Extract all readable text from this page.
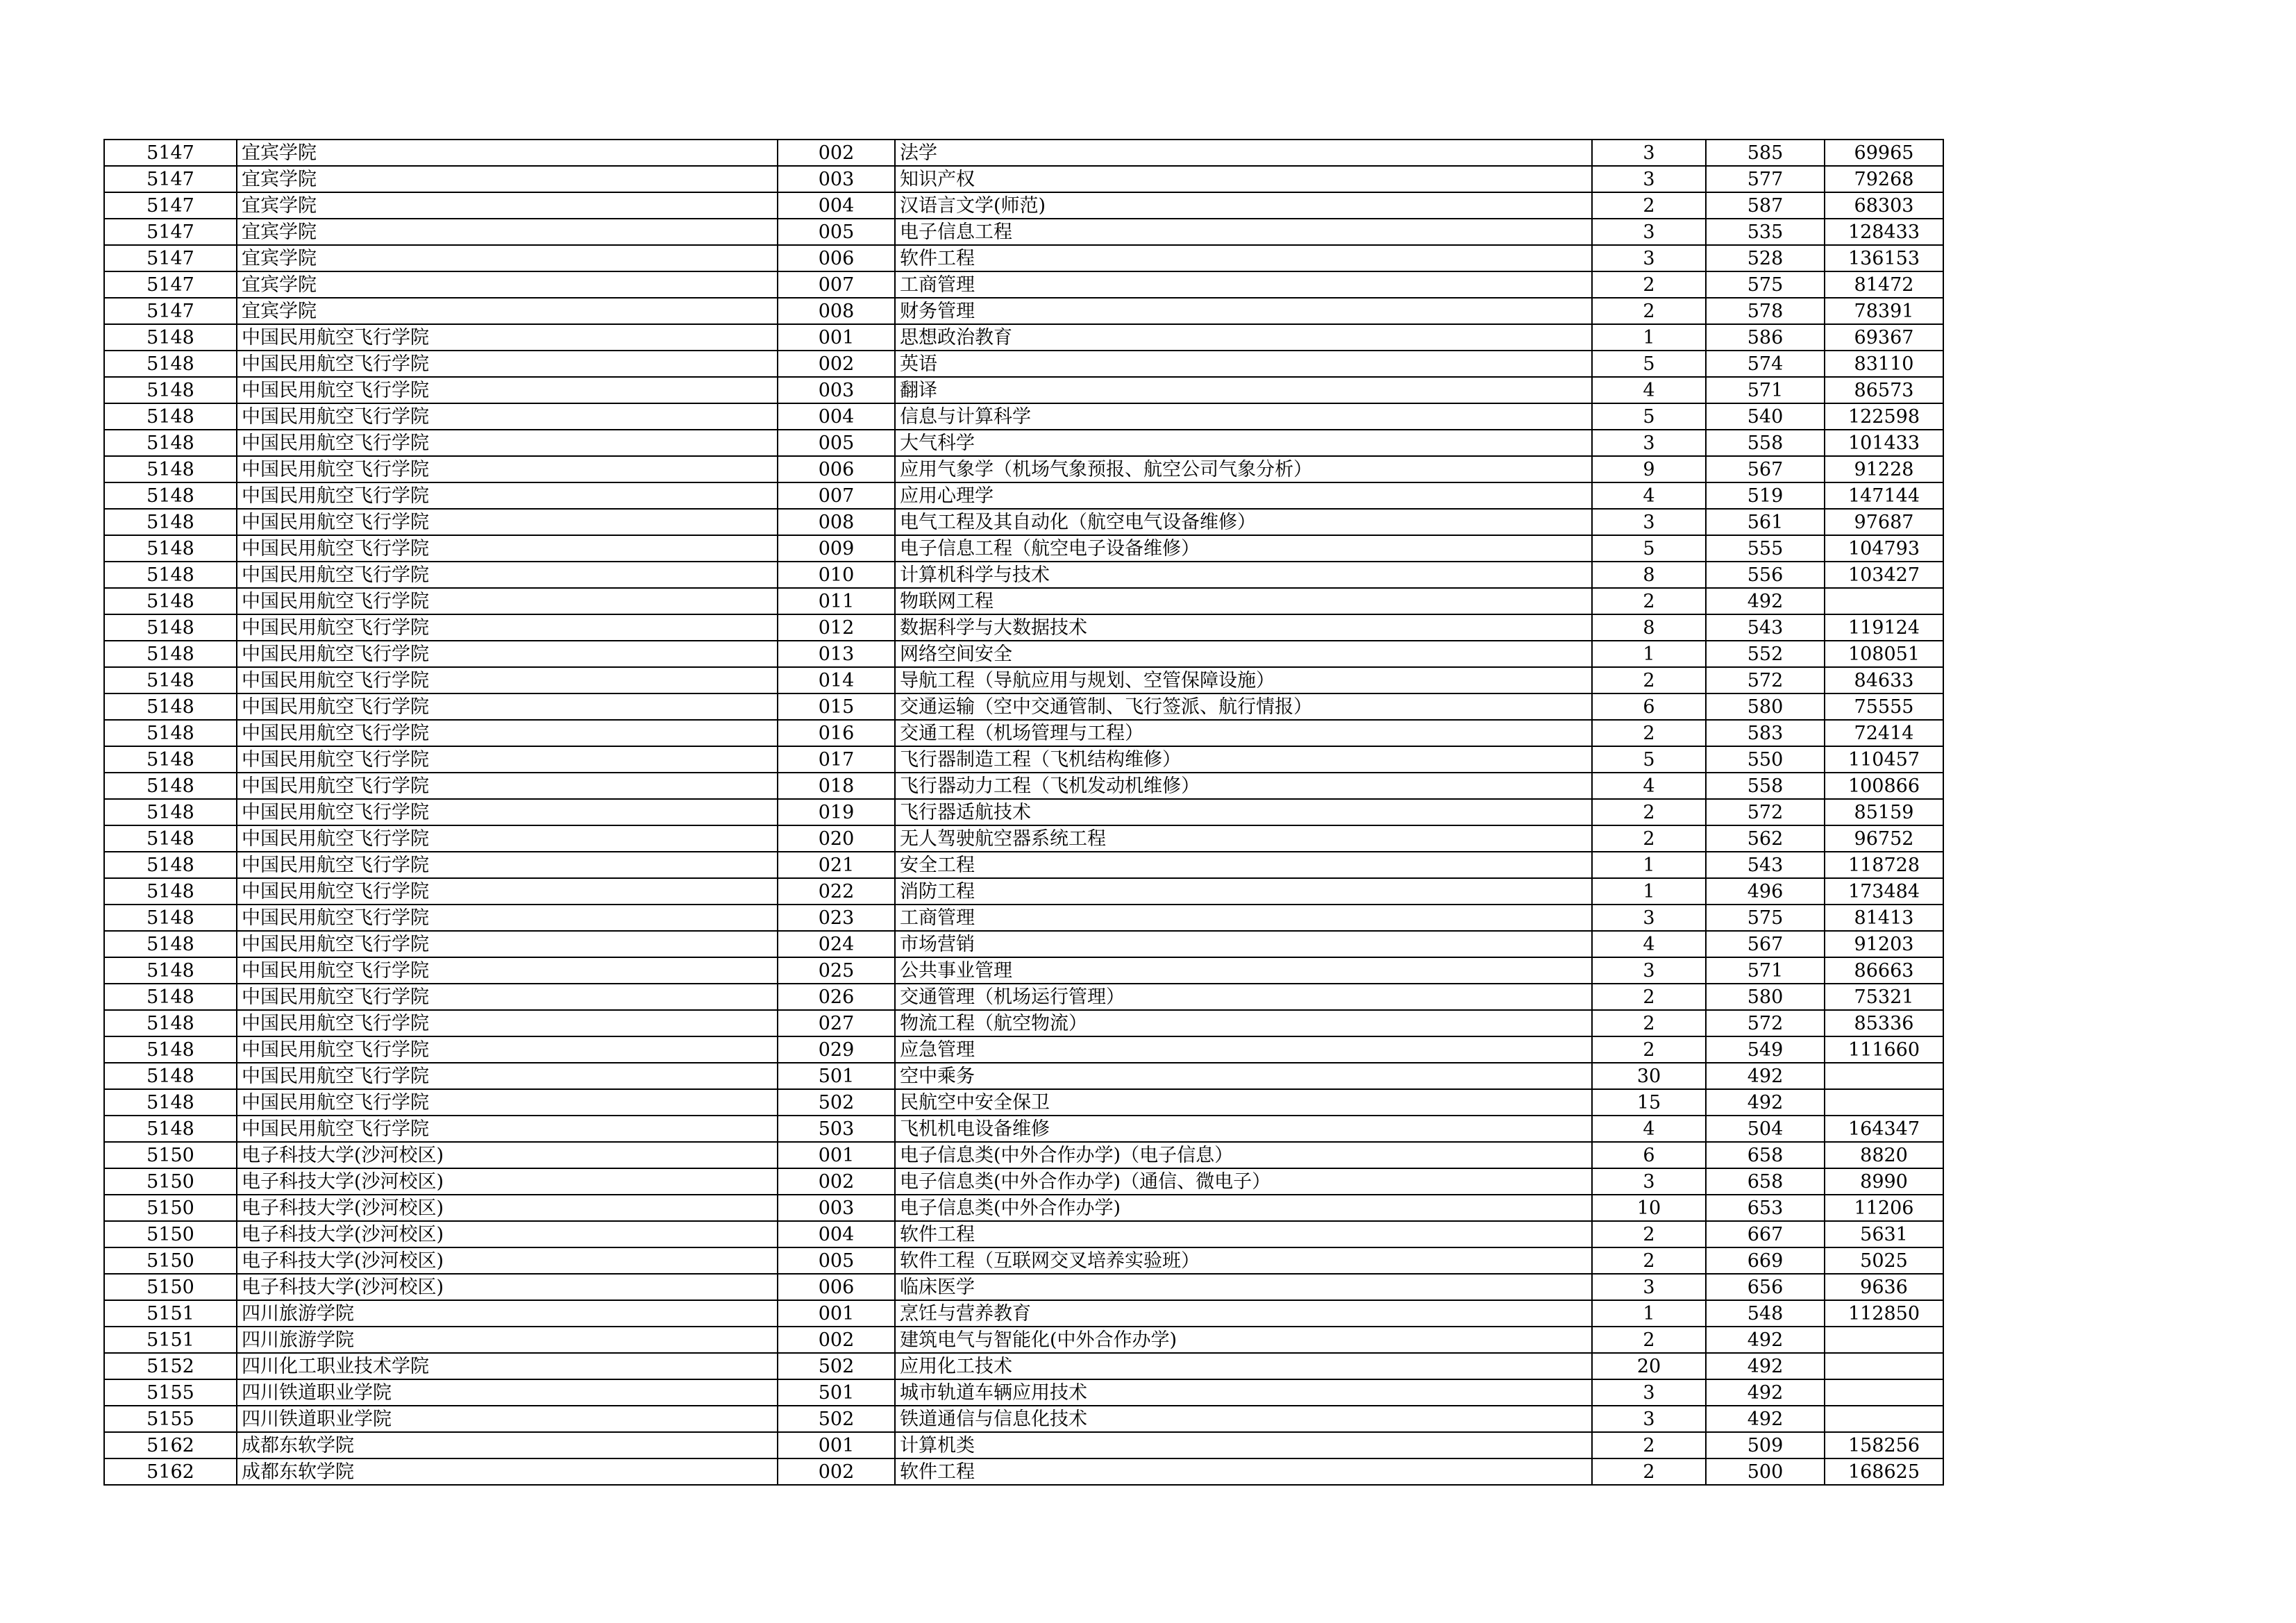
5147	宜宾学院	002	法学	3	585	69965
5147	宜宾学院	003	知识产权	3	577	79268
5147	宜宾学院	004	汉语言文学(师范)	2	587	68303
5147	宜宾学院	005	电子信息工程	3	535	128433
5147	宜宾学院	006	软件工程	3	528	136153
5147	宜宾学院	007	工商管理	2	575	81472
5147	宜宾学院	008	财务管理	2	578	78391
5148	中国民用航空飞行学院	001	思想政治教育	1	586	69367
5148	中国民用航空飞行学院	002	英语	5	574	83110
5148	中国民用航空飞行学院	003	翻译	4	571	86573
5148	中国民用航空飞行学院	004	信息与计算科学	5	540	122598
5148	中国民用航空飞行学院	005	大气科学	3	558	101433
5148	中国民用航空飞行学院	006	应用气象学（机场气象预报、航空公司气象分析）	9	567	91228
5148	中国民用航空飞行学院	007	应用心理学	4	519	147144
5148	中国民用航空飞行学院	008	电气工程及其自动化（航空电气设备维修）	3	561	97687
5148	中国民用航空飞行学院	009	电子信息工程（航空电子设备维修）	5	555	104793
5148	中国民用航空飞行学院	010	计算机科学与技术	8	556	103427
5148	中国民用航空飞行学院	011	物联网工程	2	492	
5148	中国民用航空飞行学院	012	数据科学与大数据技术	8	543	119124
5148	中国民用航空飞行学院	013	网络空间安全	1	552	108051
5148	中国民用航空飞行学院	014	导航工程（导航应用与规划、空管保障设施）	2	572	84633
5148	中国民用航空飞行学院	015	交通运输（空中交通管制、飞行签派、航行情报）	6	580	75555
5148	中国民用航空飞行学院	016	交通工程（机场管理与工程）	2	583	72414
5148	中国民用航空飞行学院	017	飞行器制造工程（飞机结构维修）	5	550	110457
5148	中国民用航空飞行学院	018	飞行器动力工程（飞机发动机维修）	4	558	100866
5148	中国民用航空飞行学院	019	飞行器适航技术	2	572	85159
5148	中国民用航空飞行学院	020	无人驾驶航空器系统工程	2	562	96752
5148	中国民用航空飞行学院	021	安全工程	1	543	118728
5148	中国民用航空飞行学院	022	消防工程	1	496	173484
5148	中国民用航空飞行学院	023	工商管理	3	575	81413
5148	中国民用航空飞行学院	024	市场营销	4	567	91203
5148	中国民用航空飞行学院	025	公共事业管理	3	571	86663
5148	中国民用航空飞行学院	026	交通管理（机场运行管理）	2	580	75321
5148	中国民用航空飞行学院	027	物流工程（航空物流）	2	572	85336
5148	中国民用航空飞行学院	029	应急管理	2	549	111660
5148	中国民用航空飞行学院	501	空中乘务	30	492	
5148	中国民用航空飞行学院	502	民航空中安全保卫	15	492	
5148	中国民用航空飞行学院	503	飞机机电设备维修	4	504	164347
5150	电子科技大学(沙河校区)	001	电子信息类(中外合作办学)（电子信息）	6	658	8820
5150	电子科技大学(沙河校区)	002	电子信息类(中外合作办学)（通信、微电子）	3	658	8990
5150	电子科技大学(沙河校区)	003	电子信息类(中外合作办学)	10	653	11206
5150	电子科技大学(沙河校区)	004	软件工程	2	667	5631
5150	电子科技大学(沙河校区)	005	软件工程（互联网交叉培养实验班）	2	669	5025
5150	电子科技大学(沙河校区)	006	临床医学	3	656	9636
5151	四川旅游学院	001	烹饪与营养教育	1	548	112850
5151	四川旅游学院	002	建筑电气与智能化(中外合作办学)	2	492	
5152	四川化工职业技术学院	502	应用化工技术	20	492	
5155	四川铁道职业学院	501	城市轨道车辆应用技术	3	492	
5155	四川铁道职业学院	502	铁道通信与信息化技术	3	492	
5162	成都东软学院	001	计算机类	2	509	158256
5162	成都东软学院	002	软件工程	2	500	168625
